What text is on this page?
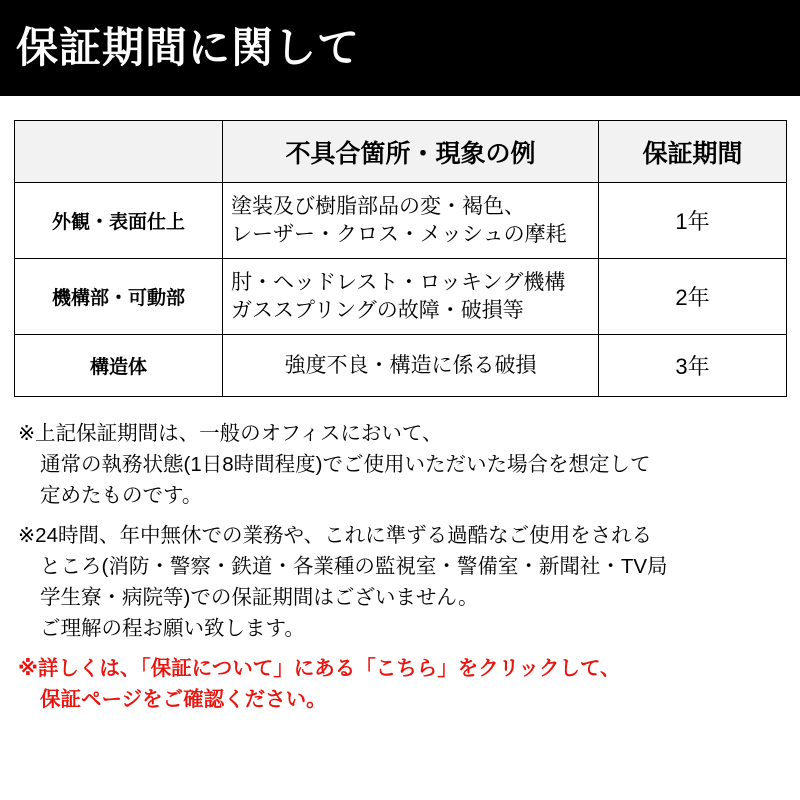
保証期間に関して
	不具合箇所・現象の例	保証期間
外観・表面仕上	塗装及び樹脂部品の変・褐色、
レーザー・クロス・メッシュの摩耗	1年
機構部・可動部	肘・ヘッドレスト・ロッキング機構
ガススプリングの故障・破損等	2年
構造体	強度不良・構造に係る破損	3年
※上記保証期間は、一般のオフィスにおいて、
通常の執務状態(1日8時間程度)でご使用いただいた場合を想定して
定めたものです。
※24時間、年中無休での業務や、これに準ずる過酷なご使用をされる
ところ(消防・警察・鉄道・各業種の監視室・警備室・新聞社・TV局
学生寮・病院等)での保証期間はございません。
ご理解の程お願い致します。
※詳しくは、「保証について」にある「こちら」をクリックして、
保証ページをご確認ください。
